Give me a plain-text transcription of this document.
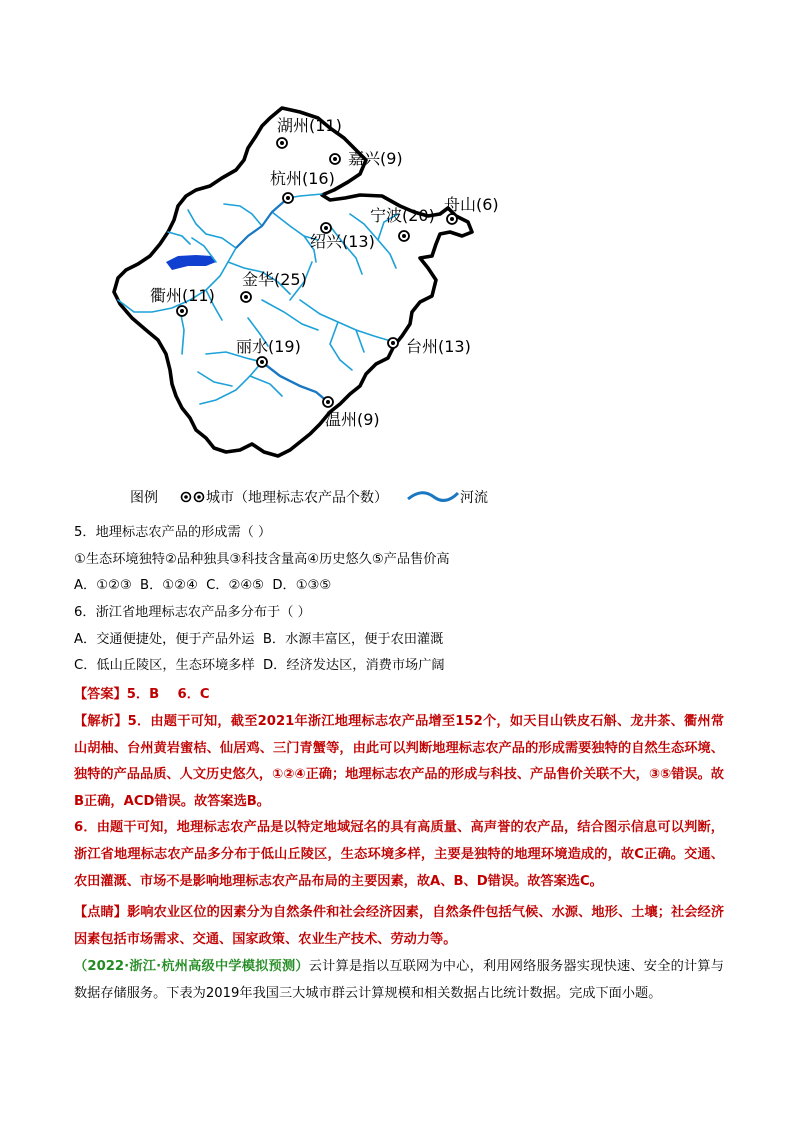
湖州(11)
嘉兴(9)
杭州(16)
宁波(20)
舟山(6)
绍兴(13)
金华(25)
衢州(11)
丽水(19)	台州(13)
温州(9)
图例	城市（地理标志农产品个数）	河流
5．地理标志农产品的形成需（ ）
①生态环境独特②品种独具③科技含量高④历史悠久⑤产品售价高
A．①②③  B．①②④  C．②④⑤  D．①③⑤
6．浙江省地理标志农产品多分布于（ ）
A．交通便捷处，便于产品外运  B．水源丰富区，便于农田灌溉
C．低山丘陵区，生态环境多样  D．经济发达区，消费市场广阔
【答案】5．B    6．C
【解析】5．由题干可知，截至2021年浙江地理标志农产品增至152个，如天目山铁皮石斛、龙井茶、衢州常山胡柚、台州黄岩蜜桔、仙居鸡、三门青蟹等，由此可以判断地理标志农产品的形成需要独特的自然生态环境、独特的产品品质、人文历史悠久，①②④正确；地理标志农产品的形成与科技、产品售价关联不大，③⑤错误。故B正确，ACD错误。故答案选B。
6．由题干可知，地理标志农产品是以特定地域冠名的具有高质量、高声誉的农产品，结合图示信息可以判断，浙江省地理标志农产品多分布于低山丘陵区，生态环境多样，主要是独特的地理环境造成的，故C正确。交通、农田灌溉、市场不是影响地理标志农产品布局的主要因素，故A、B、D错误。故答案选C。
【点睛】影响农业区位的因素分为自然条件和社会经济因素，自然条件包括气候、水源、地形、土壤；社会经济因素包括市场需求、交通、国家政策、农业生产技术、劳动力等。
（2022·浙江·杭州高级中学模拟预测）云计算是指以互联网为中心，利用网络服务器实现快速、安全的计算与数据存储服务。下表为2019年我国三大城市群云计算规模和相关数据占比统计数据。完成下面小题。
